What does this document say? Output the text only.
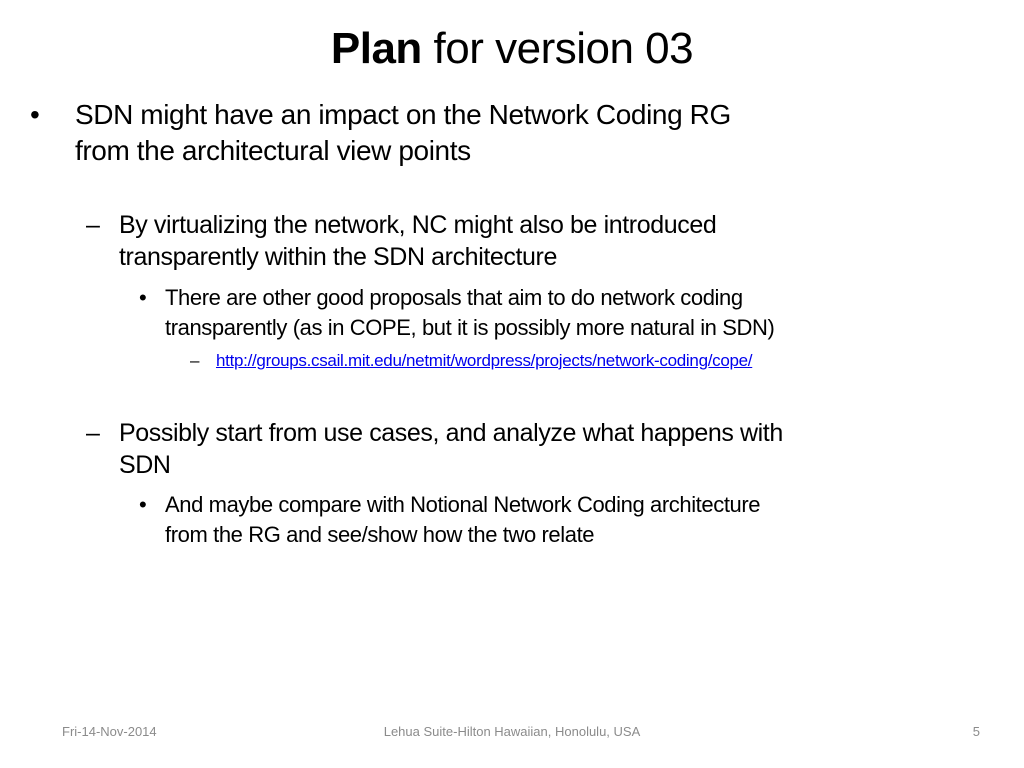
Plan for version 03
•	SDN might have an impact on the Network Coding RG
from the architectural view points
– By virtualizing the network, NC might also be introduced
transparently within the SDN architecture
• There are other good proposals that aim to do network coding
transparently (as in COPE, but it is possibly more natural in SDN)
– http://groups.csail.mit.edu/netmit/wordpress/projects/network-coding/cope/
– Possibly start from use cases, and analyze what happens with
SDN
• And maybe compare with Notional Network Coding architecture
from the RG and see/show how the two relate
Fri-14-Nov-2014	Lehua Suite-Hilton Hawaiian, Honolulu, USA	5
